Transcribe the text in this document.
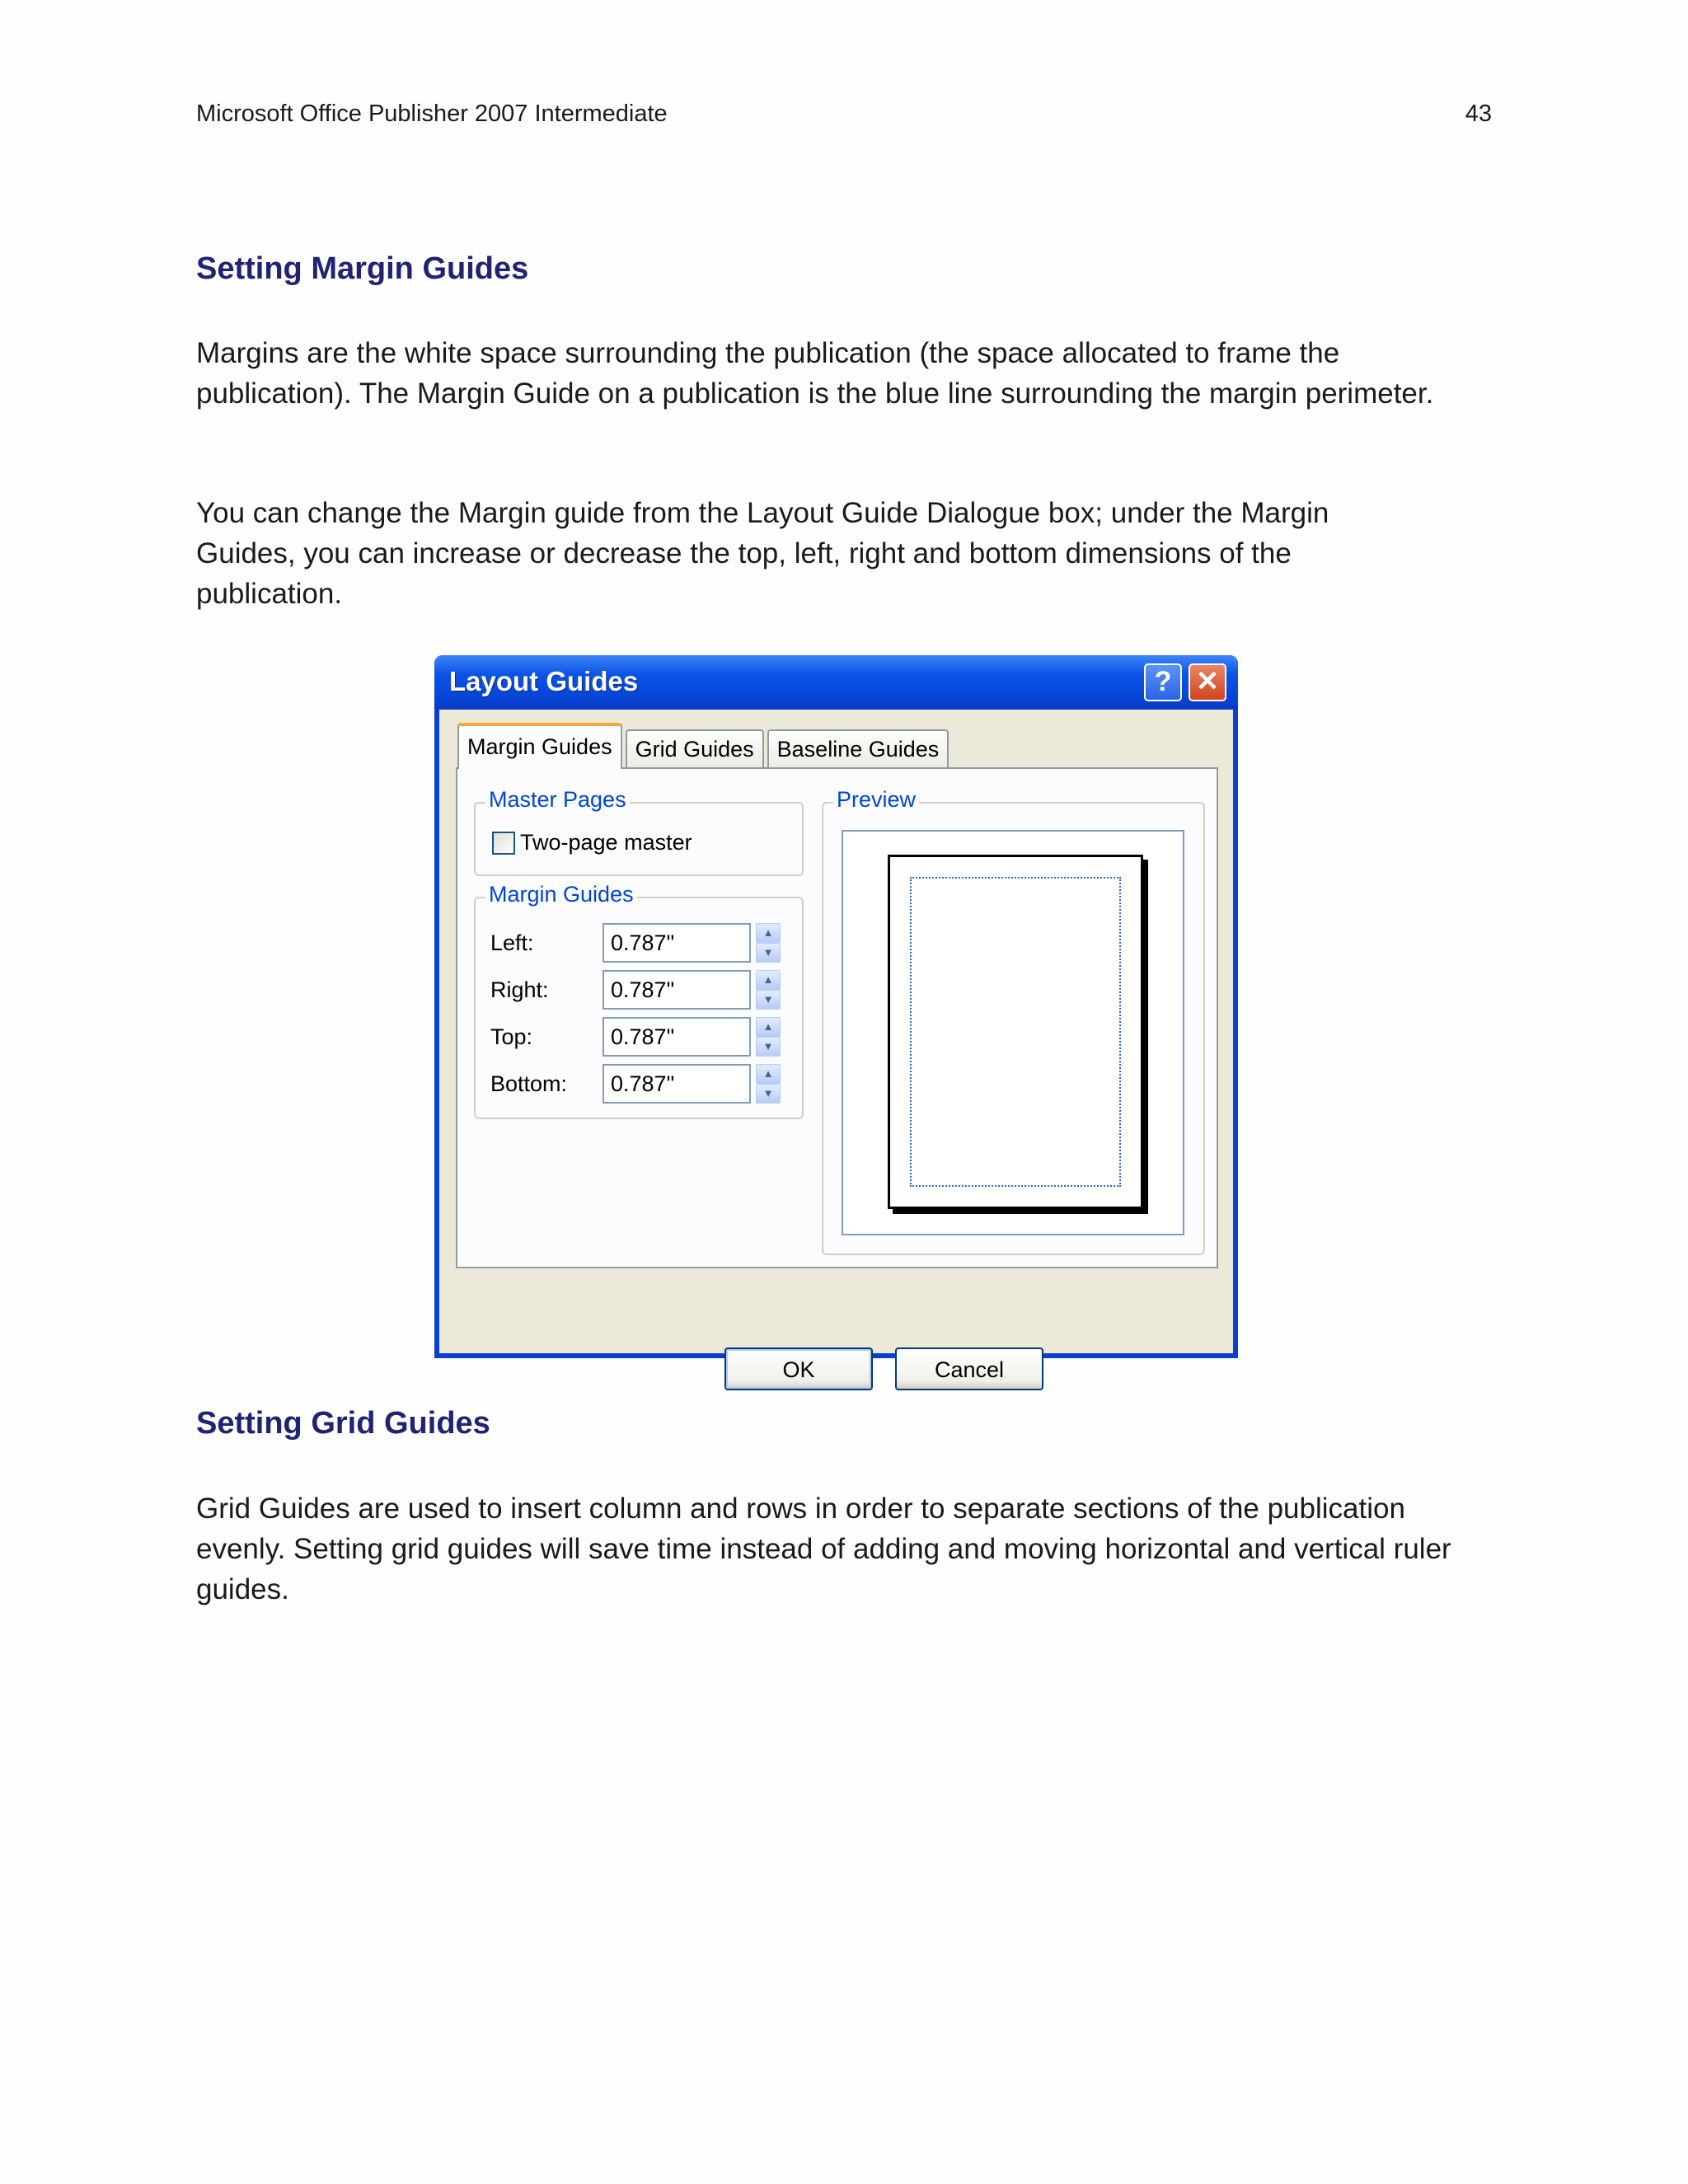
Microsoft Office Publisher 2007 Intermediate	43
Setting Margin Guides

Margins are the white space surrounding the publication (the space allocated to frame the publication). The Margin Guide on a publication is the blue line surrounding the margin perimeter.

You can change the Margin guide from the Layout Guide Dialogue box; under the Margin Guides, you can increase or decrease the top, left, right and bottom dimensions of the publication.

Layout Guides	? ✕
Margin Guides	Grid Guides	Baseline Guides
Master Pages
Two-page master
Margin Guides
Left:	0.787"	▲
▼
Right:	0.787"	▲
▼
Top:	0.787"	▲
▼
Bottom:	0.787"	▲
▼
Preview
OK	Cancel
Setting Grid Guides

Grid Guides are used to insert column and rows in order to separate sections of the publication evenly. Setting grid guides will save time instead of adding and moving horizontal and vertical ruler guides.
